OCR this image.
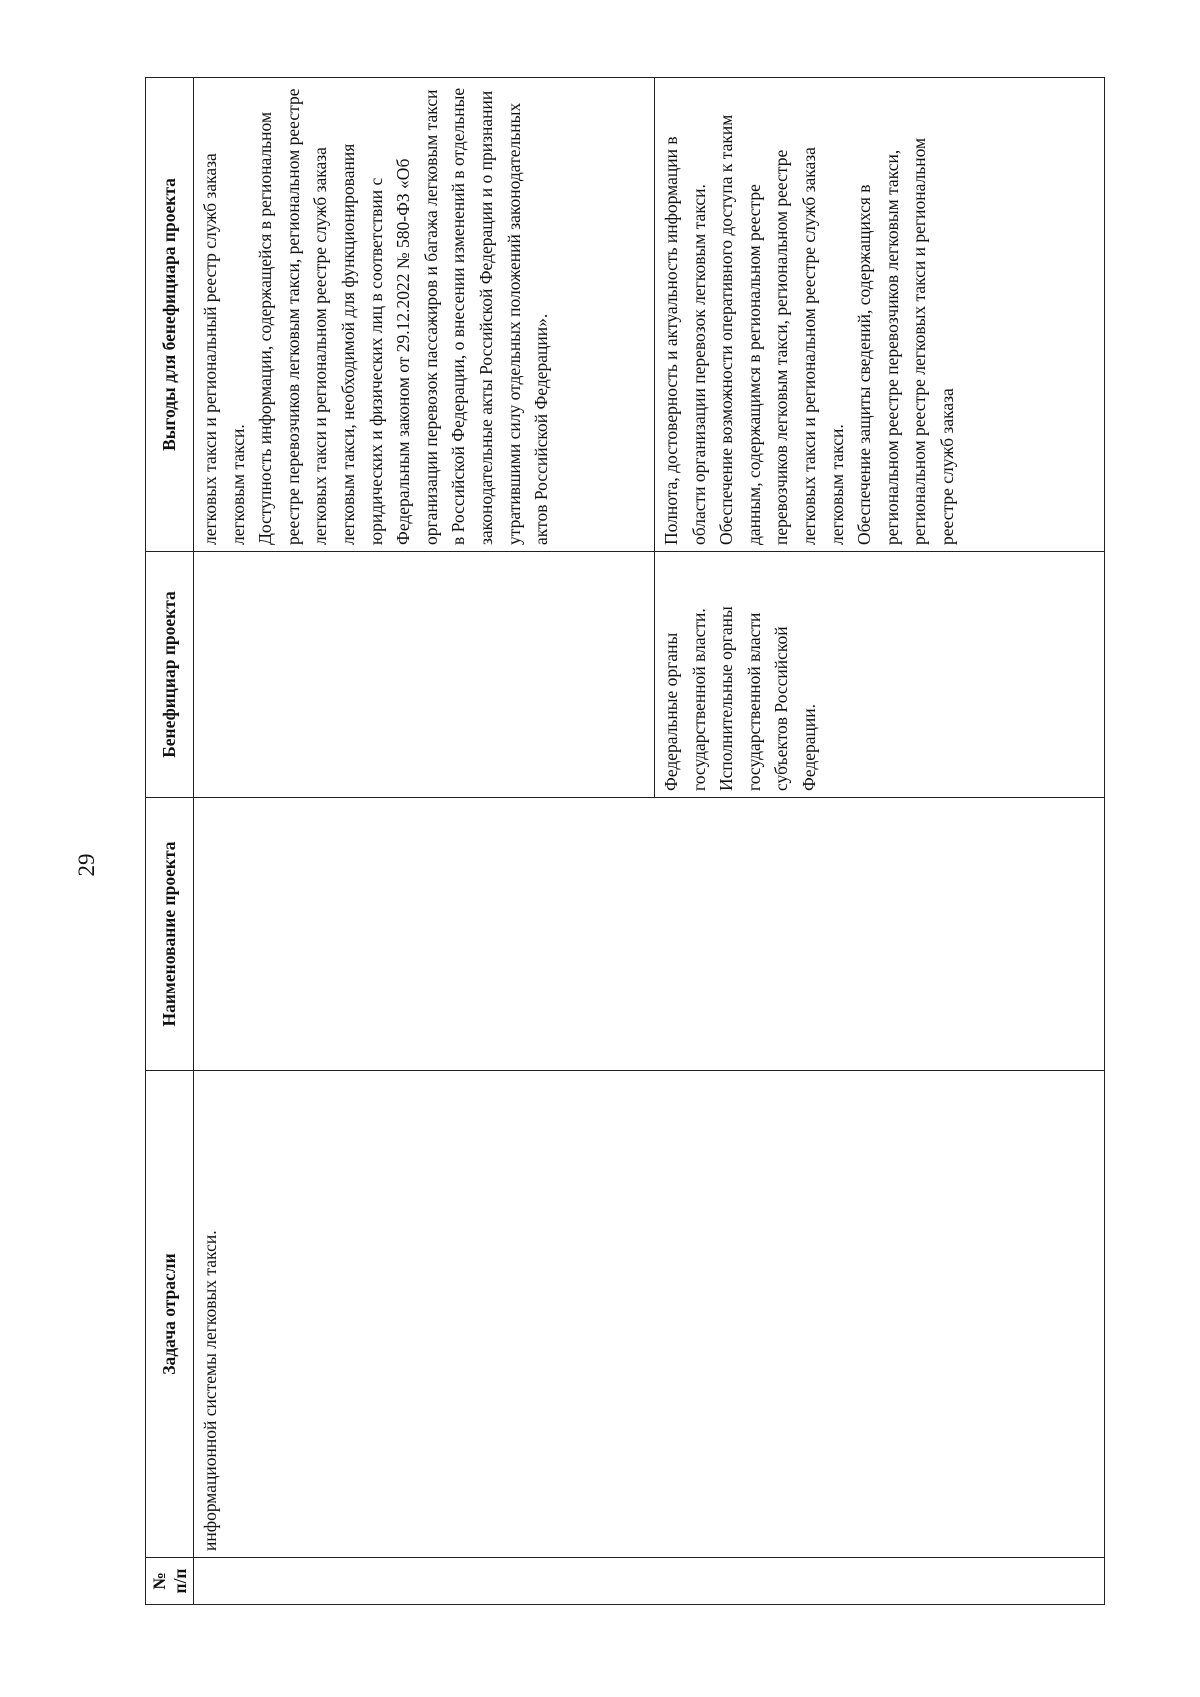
29
№ п/п	Задача отрасли	Наименование проекта	Бенефициар проекта	Выгоды для бенефициара проекта
	информационной системы легковых такси.			легковых такси и региональный реестр служб заказа легковым такси. Доступность информации, содержащейся в региональном реестре перевозчиков легковым такси, региональном реестре легковых такси и региональном реестре служб заказа легковым такси, необходимой для функционирования юридических и физических лиц в соответствии с Федеральным законом от 29.12.2022 № 580-ФЗ «Об организации перевозок пассажиров и багажа легковым такси в Российской Федерации, о внесении изменений в отдельные законодательные акты Российской Федерации и о признании утратившими силу отдельных положений законодательных актов Российской Федерации».

			Федеральные органы государственной власти. Исполнительные органы государственной власти субъектов Российской Федерации.	Полнота, достоверность и актуальность информации в области организации перевозок легковым такси. Обеспечение возможности оперативного доступа к таким данным, содержащимся в региональном реестре перевозчиков легковым такси, региональном реестре легковых такси и региональном реестре служб заказа легковым такси. Обеспечение защиты сведений, содержащихся в региональном реестре перевозчиков легковым такси, региональном реестре легковых такси и региональном реестре служб заказа
